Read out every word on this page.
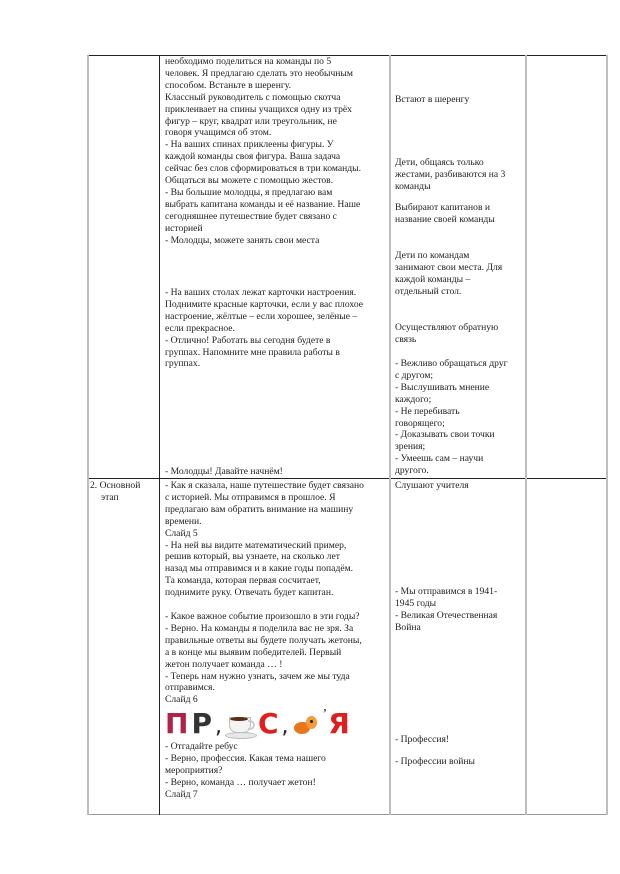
необходимо поделиться на команды по 5

человек. Я предлагаю сделать это необычным

способом. Встаньте в шеренгу.

Классный руководитель с помощью скотча

приклеивает на спины учащихся одну из трёх

фигур – круг, квадрат или треугольник, не

говоря учащимся об этом.

- На ваших спинах приклеены фигуры. У

каждой команды своя фигура. Ваша задача

сейчас без слов сформироваться в три команды.

Общаться вы можете с помощью жестов.

- Вы большие молодцы, я предлагаю вам

выбрать капитана команды и её название. Наше

сегодняшнее путешествие будет связано с

историей

- Молодцы, можете занять свои места

- На ваших столах лежат карточки настроения.

Поднимите красные карточки, если у вас плохое

настроение, жёлтые – если хорошее, зелёные –

если прекрасное.

- Отлично! Работать вы сегодня будете в

группах. Напомните мне правила работы в

группах.

- Молодцы! Давайте начнём!

Встают в шеренгу

Дети, общаясь только

жестами, разбиваются на 3

команды

Выбирают капитанов и

название своей команды

Дети по командам

занимают свои места. Для

каждой команды –

отдельный стол.

Осуществляют обратную

связь

- Вежливо обращаться друг

с другом;

- Выслушивать мнение

каждого;

- Не перебивать

говорящего;

- Доказывать свои точки

зрения;

- Умеешь сам – научи

другого.

2. Основной

этап

- Как я сказала, наше путешествие будет связано

с историей. Мы отправимся в прошлое. Я

предлагаю вам обратить внимание на машину

времени.

Слайд 5

- На ней вы видите математический пример,

решив который, вы узнаете, на сколько лет

назад мы отправимся и в какие годы попадём.

Та команда, которая первая сосчитает,

поднимите руку. Отвечать будет капитан.

- Какое важное событие произошло в эти годы?

- Верно. На команды я поделила вас не зря. За

правильные ответы вы будете получать жетоны,

а в конце мы выявим победителей. Первый

жетон получает команда … !

- Теперь нам нужно узнать, зачем же мы туда

отправимся.

Слайд 6

П Р , С , ’ Я

- Отгадайте ребус

- Верно, профессия. Какая тема нашего

мероприятия?

- Верно, команда … получает жетон!

Слайд 7

Слушают учителя

- Мы отправимся в 1941-

1945 годы

- Великая Отечественная

Война

- Профессия!

- Профессии войны
